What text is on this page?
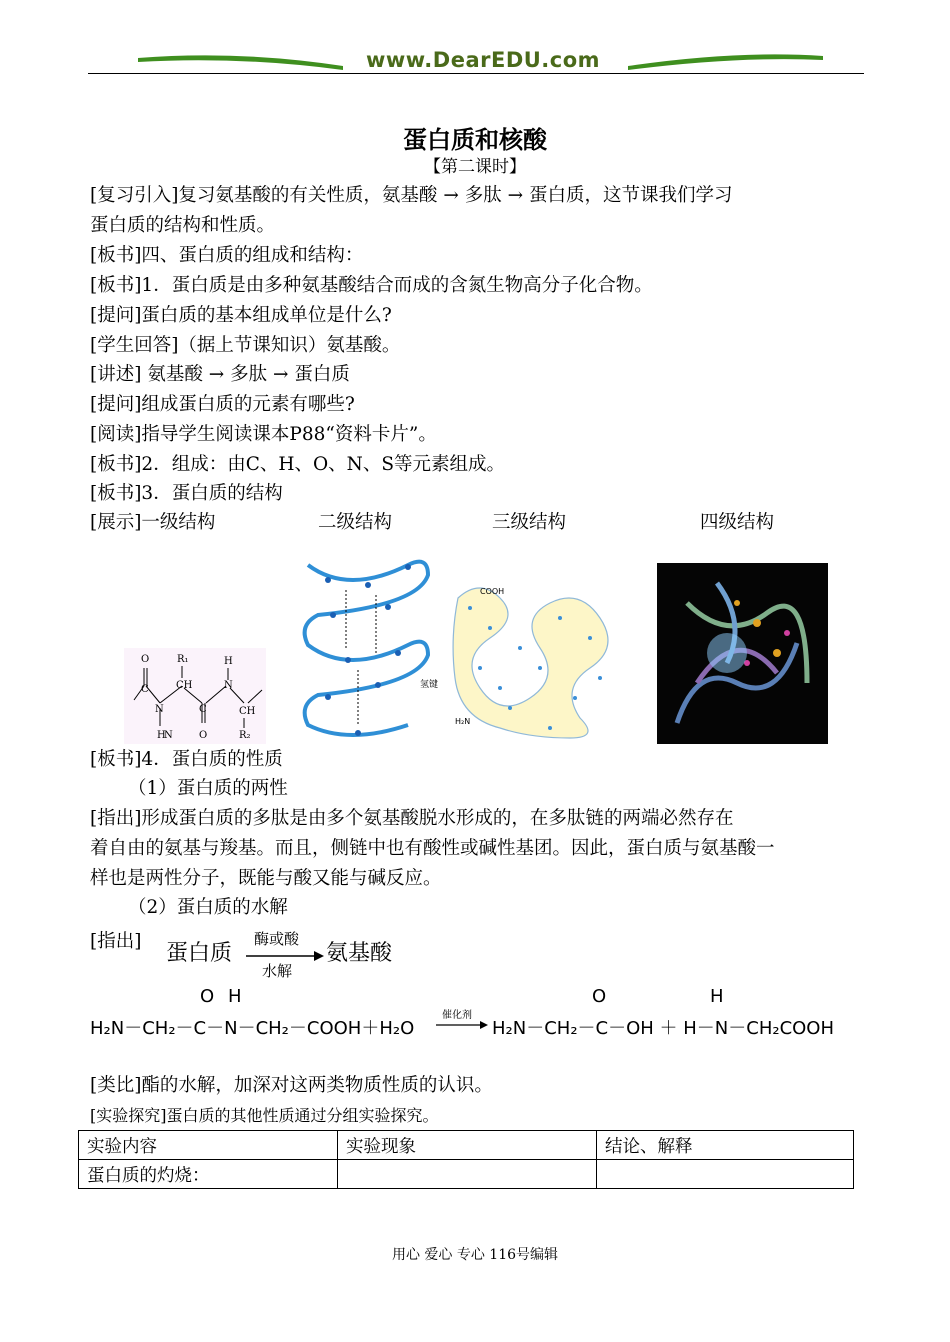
www.DearEDU.com
蛋白质和核酸
【第二课时】
[复习引入]复习氨基酸的有关性质，氨基酸 → 多肽 → 蛋白质，这节课我们学习
蛋白质的结构和性质。
[板书]四、蛋白质的组成和结构：
[板书]1．蛋白质是由多种氨基酸结合而成的含氮生物高分子化合物。
[提问]蛋白质的基本组成单位是什么?
[学生回答]（据上节课知识）氨基酸。
[讲述] 氨基酸 → 多肽 → 蛋白质
[提问]组成蛋白质的元素有哪些?
[阅读]指导学生阅读课本P88“资料卡片”。
[板书]2．组成：由C、H、O、N、S等元素组成。
[板书]3．蛋白质的结构
[展示]一级结构	二级结构	三级结构	四级结构
O	R₁	H
C	CH	N
N	C	CH
N
H	O	R₂
氢键
COOH
H₂N
[板书]4．蛋白质的性质
（1）蛋白质的两性
[指出]形成蛋白质的多肽是由多个氨基酸脱水形成的，在多肽链的两端必然存在
着自由的氨基与羧基。而且，侧链中也有酸性或碱性基团。因此，蛋白质与氨基酸一
样也是两性分子，既能与酸又能与碱反应。
（2）蛋白质的水解
[指出] 蛋白质
酶或酸
水解
氨基酸
O H	O	H
H₂N－CH₂－C－N－CH₂－COOH＋H₂O
催化剂
H₂N－CH₂－C－OH ＋ H－N－CH₂COOH
[类比]酯的水解，加深对这两类物质性质的认识。
[实验探究]蛋白质的其他性质通过分组实验探究。
实验内容	实验现象	结论、解释
蛋白质的灼烧：		
用心 爱心 专心 116号编辑
